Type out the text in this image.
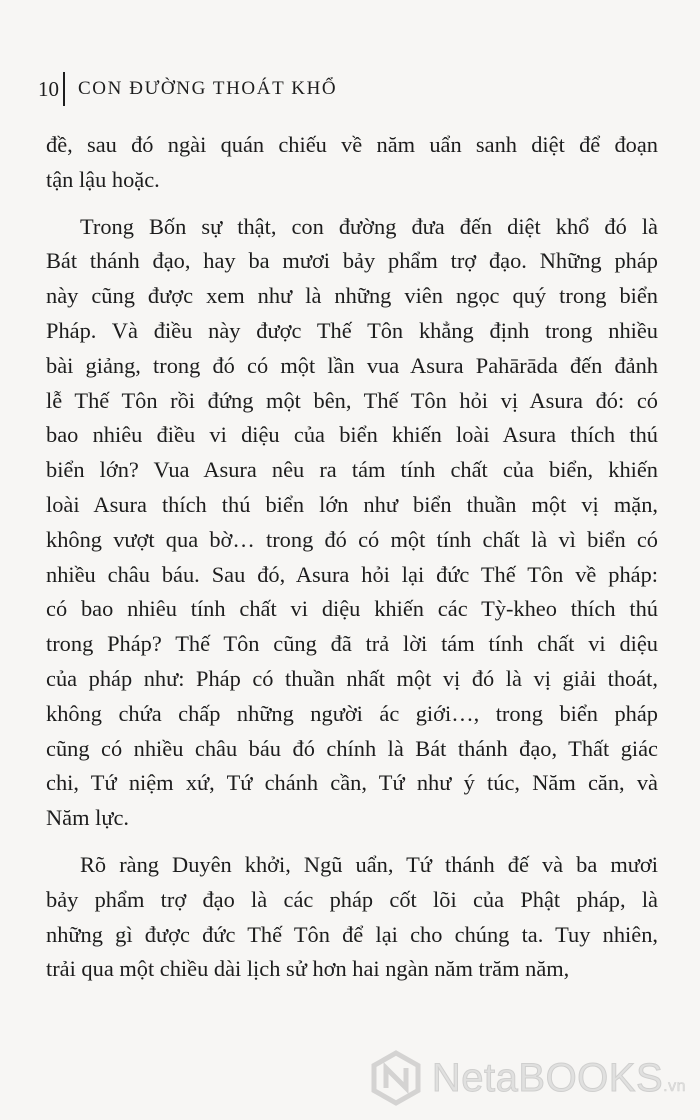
10 CON ĐƯỜNG THOÁT KHỔ

đề, sau đó ngài quán chiếu về năm uẩn sanh diệt để đoạn
tận lậu hoặc.

Trong Bốn sự thật, con đường đưa đến diệt khổ đó là
Bát thánh đạo, hay ba mươi bảy phẩm trợ đạo. Những pháp
này cũng được xem như là những viên ngọc quý trong biển
Pháp. Và điều này được Thế Tôn khẳng định trong nhiều
bài giảng, trong đó có một lần vua Asura Pahārāda đến đảnh
lễ Thế Tôn rồi đứng một bên, Thế Tôn hỏi vị Asura đó: có
bao nhiêu điều vi diệu của biển khiến loài Asura thích thú
biển lớn? Vua Asura nêu ra tám tính chất của biển, khiến
loài Asura thích thú biển lớn như biển thuần một vị mặn,
không vượt qua bờ… trong đó có một tính chất là vì biển có
nhiều châu báu. Sau đó, Asura hỏi lại đức Thế Tôn về pháp:
có bao nhiêu tính chất vi diệu khiến các Tỳ-kheo thích thú
trong Pháp? Thế Tôn cũng đã trả lời tám tính chất vi diệu
của pháp như: Pháp có thuần nhất một vị đó là vị giải thoát,
không chứa chấp những người ác giới…, trong biển pháp
cũng có nhiều châu báu đó chính là Bát thánh đạo, Thất giác
chi, Tứ niệm xứ, Tứ chánh cần, Tứ như ý túc, Năm căn, và
Năm lực.

Rõ ràng Duyên khởi, Ngũ uẩn, Tứ thánh đế và ba mươi
bảy phẩm trợ đạo là các pháp cốt lõi của Phật pháp, là
những gì được đức Thế Tôn để lại cho chúng ta. Tuy nhiên,
trải qua một chiều dài lịch sử hơn hai ngàn năm trăm năm,

NetaBOOKS.vn
